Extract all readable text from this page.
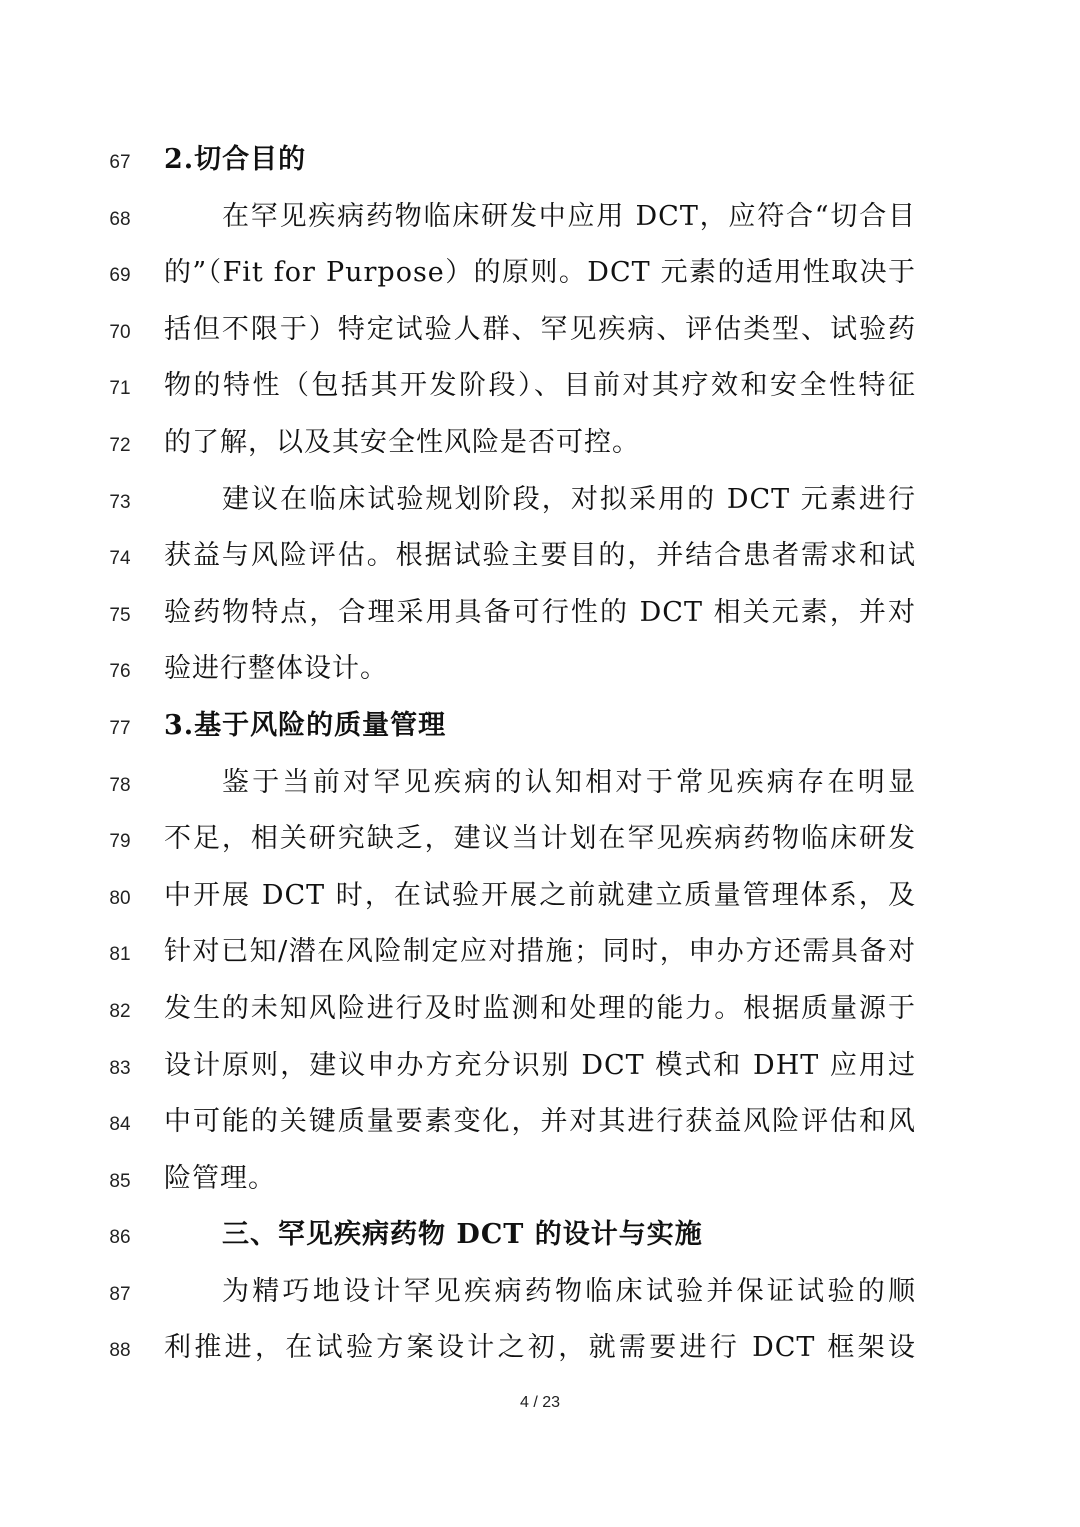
67	2.切合目的
68	在罕见疾病药物临床研发中应用 DCT，应符合“切合目
69	的”（Fit for Purpose）的原则。DCT 元素的适用性取决于
70	括但不限于）特定试验人群、罕见疾病、评估类型、试验药
71	物的特性（包括其开发阶段）、目前对其疗效和安全性特征
72	的了解，以及其安全性风险是否可控。
73	建议在临床试验规划阶段，对拟采用的 DCT 元素进行
74	获益与风险评估。根据试验主要目的，并结合患者需求和试
75	验药物特点，合理采用具备可行性的 DCT 相关元素，并对
76	验进行整体设计。
77	3.基于风险的质量管理
78	鉴于当前对罕见疾病的认知相对于常见疾病存在明显
79	不足，相关研究缺乏，建议当计划在罕见疾病药物临床研发
80	中开展 DCT 时，在试验开展之前就建立质量管理体系，及
81	针对已知/潜在风险制定应对措施；同时，申办方还需具备对
82	发生的未知风险进行及时监测和处理的能力。根据质量源于
83	设计原则，建议申办方充分识别 DCT 模式和 DHT 应用过
84	中可能的关键质量要素变化，并对其进行获益风险评估和风
85	险管理。
86	三、罕见疾病药物 DCT 的设计与实施
87	为精巧地设计罕见疾病药物临床试验并保证试验的顺
88	利推进，在试验方案设计之初，就需要进行 DCT 框架设
4 / 23
